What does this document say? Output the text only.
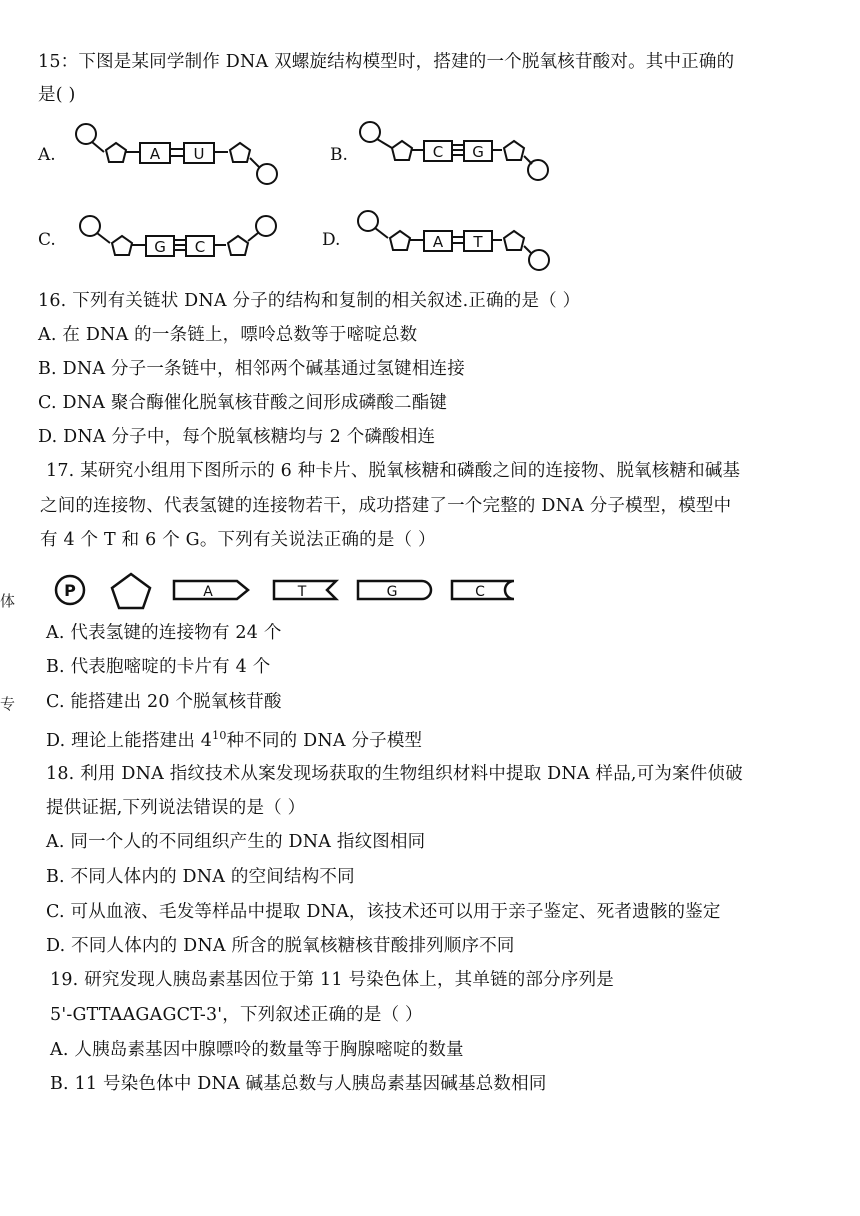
15：下图是某同学制作 DNA 双螺旋结构模型时，搭建的一个脱氧核苷酸对。其中正确的
是( )
A.	A U	B.	C G
C.	G C	D.	A T
16. 下列有关链状 DNA 分子的结构和复制的相关叙述.正确的是（ ）
A. 在 DNA 的一条链上，嘌呤总数等于嘧啶总数
B. DNA 分子一条链中，相邻两个碱基通过氢键相连接
C. DNA 聚合酶催化脱氧核苷酸之间形成磷酸二酯键
D. DNA 分子中，每个脱氧核糖均与 2 个磷酸相连
17. 某研究小组用下图所示的 6 种卡片、脱氧核糖和磷酸之间的连接物、脱氧核糖和碱基
之间的连接物、代表氢键的连接物若干，成功搭建了一个完整的 DNA 分子模型，模型中
有 4 个 T 和 6 个 G。下列有关说法正确的是（ ）
体
P	A	T	G	C
A. 代表氢键的连接物有 24 个
B. 代表胞嘧啶的卡片有 4 个
专 C. 能搭建出 20 个脱氧核苷酸
D. 理论上能搭建出 $4^{10}$种不同的 DNA 分子模型
18. 利用 DNA 指纹技术从案发现场获取的生物组织材料中提取 DNA 样品,可为案件侦破
提供证据,下列说法错误的是（ ）
A. 同一个人的不同组织产生的 DNA 指纹图相同
B. 不同人体内的 DNA 的空间结构不同
C. 可从血液、毛发等样品中提取 DNA，该技术还可以用于亲子鉴定、死者遗骸的鉴定
D. 不同人体内的 DNA 所含的脱氧核糖核苷酸排列顺序不同
19. 研究发现人胰岛素基因位于第 11 号染色体上，其单链的部分序列是
5'-GTTAAGAGCT-3'，下列叙述正确的是（ ）
A. 人胰岛素基因中腺嘌呤的数量等于胸腺嘧啶的数量
B. 11 号染色体中 DNA 碱基总数与人胰岛素基因碱基总数相同
